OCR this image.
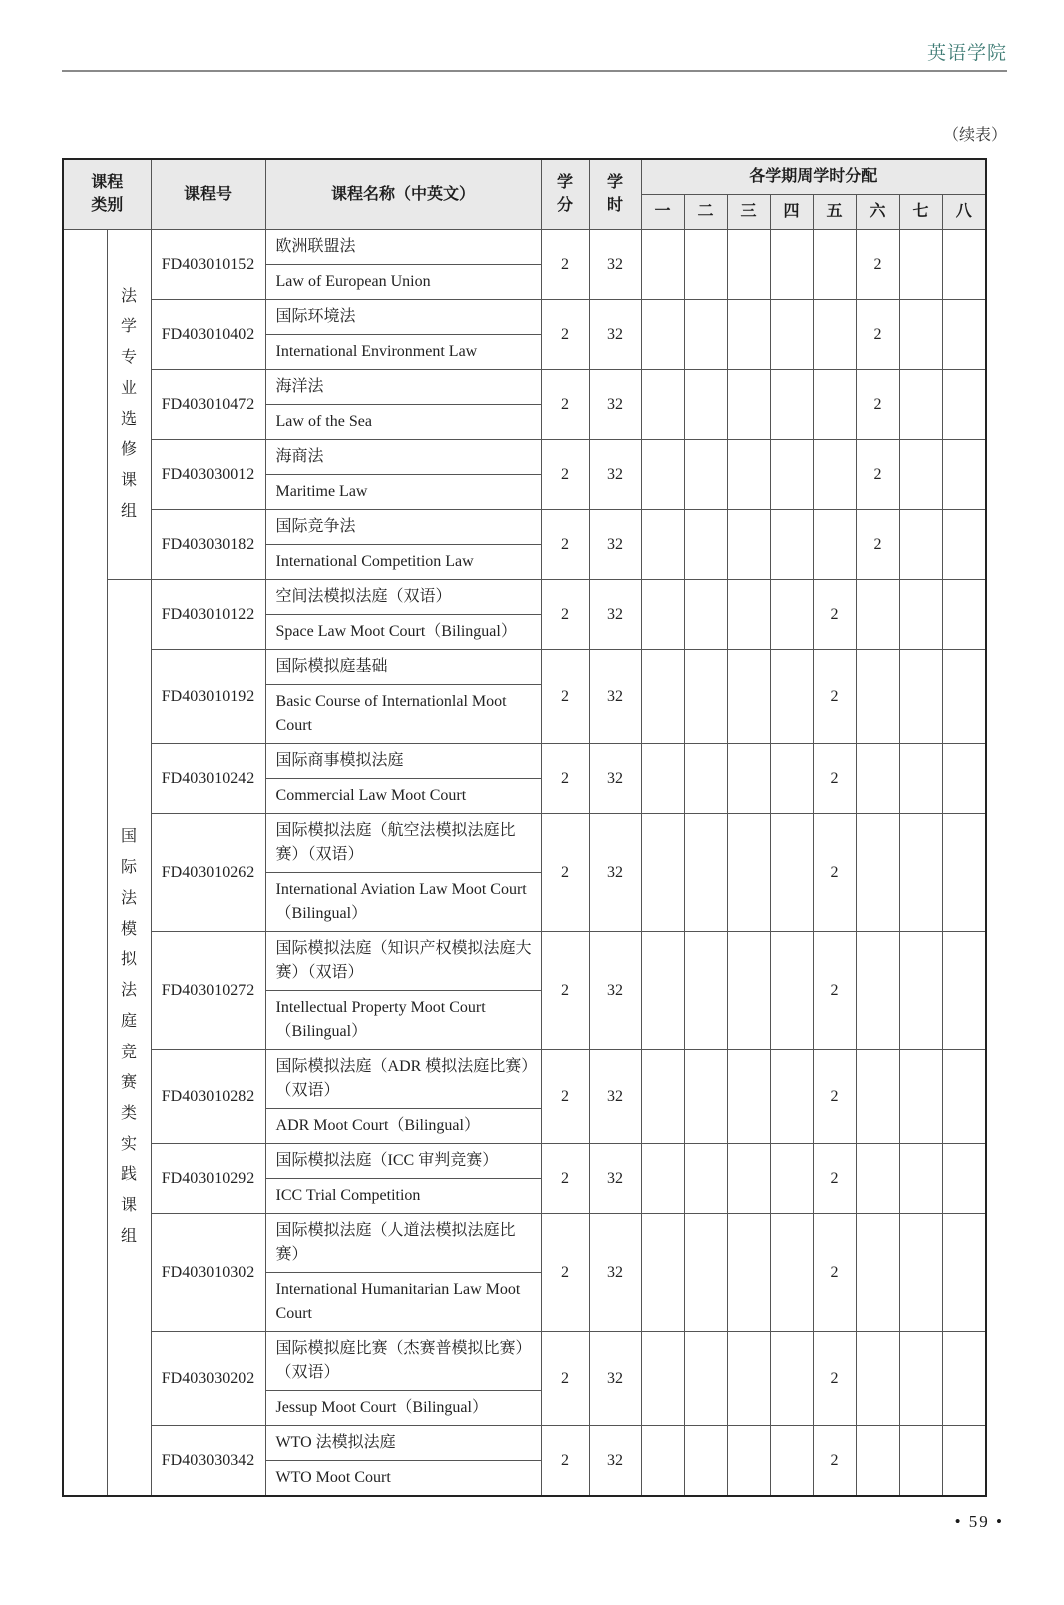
英语学院
（续表）
课程类别		课程号	课程名称（中英文）	学分	学时	各学期周学时分配							
						一	二	三	四	五	六	七	八
	法学专业选修课组	FD403010152	欧洲联盟法	2	32						2		
			Law of European Union										
		FD403010402	国际环境法	2	32						2		
			International Environment Law										
		FD403010472	海洋法	2	32						2		
			Law of the Sea										
		FD403030012	海商法	2	32						2		
			Maritime Law										
		FD403030182	国际竞争法	2	32						2		
			International Competition Law										
	国际法模拟法庭竞赛类实践课组	FD403010122	空间法模拟法庭（双语）	2	32					2			
			Space Law Moot Court（Bilingual）										
		FD403010192	国际模拟庭基础	2	32					2			
			Basic Course of Internationlal Moot Court										
		FD403010242	国际商事模拟法庭	2	32					2			
			Commercial Law Moot Court										
		FD403010262	国际模拟法庭（航空法模拟法庭比赛）（双语）	2	32					2			
			International Aviation Law Moot Court（Bilingual）										
		FD403010272	国际模拟法庭（知识产权模拟法庭大赛）（双语）	2	32					2			
			Intellectual Property Moot Court（Bilingual）										
		FD403010282	国际模拟法庭（ADR 模拟法庭比赛）（双语）	2	32					2			
			ADR Moot Court（Bilingual）										
		FD403010292	国际模拟法庭（ICC 审判竞赛）	2	32					2			
			ICC Trial Competition										
		FD403010302	国际模拟法庭（人道法模拟法庭比赛）	2	32					2			
			International Humanitarian Law Moot Court										
		FD403030202	国际模拟庭比赛（杰赛普模拟比赛）（双语）	2	32					2			
			Jessup Moot Court（Bilingual）										
		FD403030342	WTO 法模拟法庭	2	32					2			
			WTO Moot Court										
• 59 •
